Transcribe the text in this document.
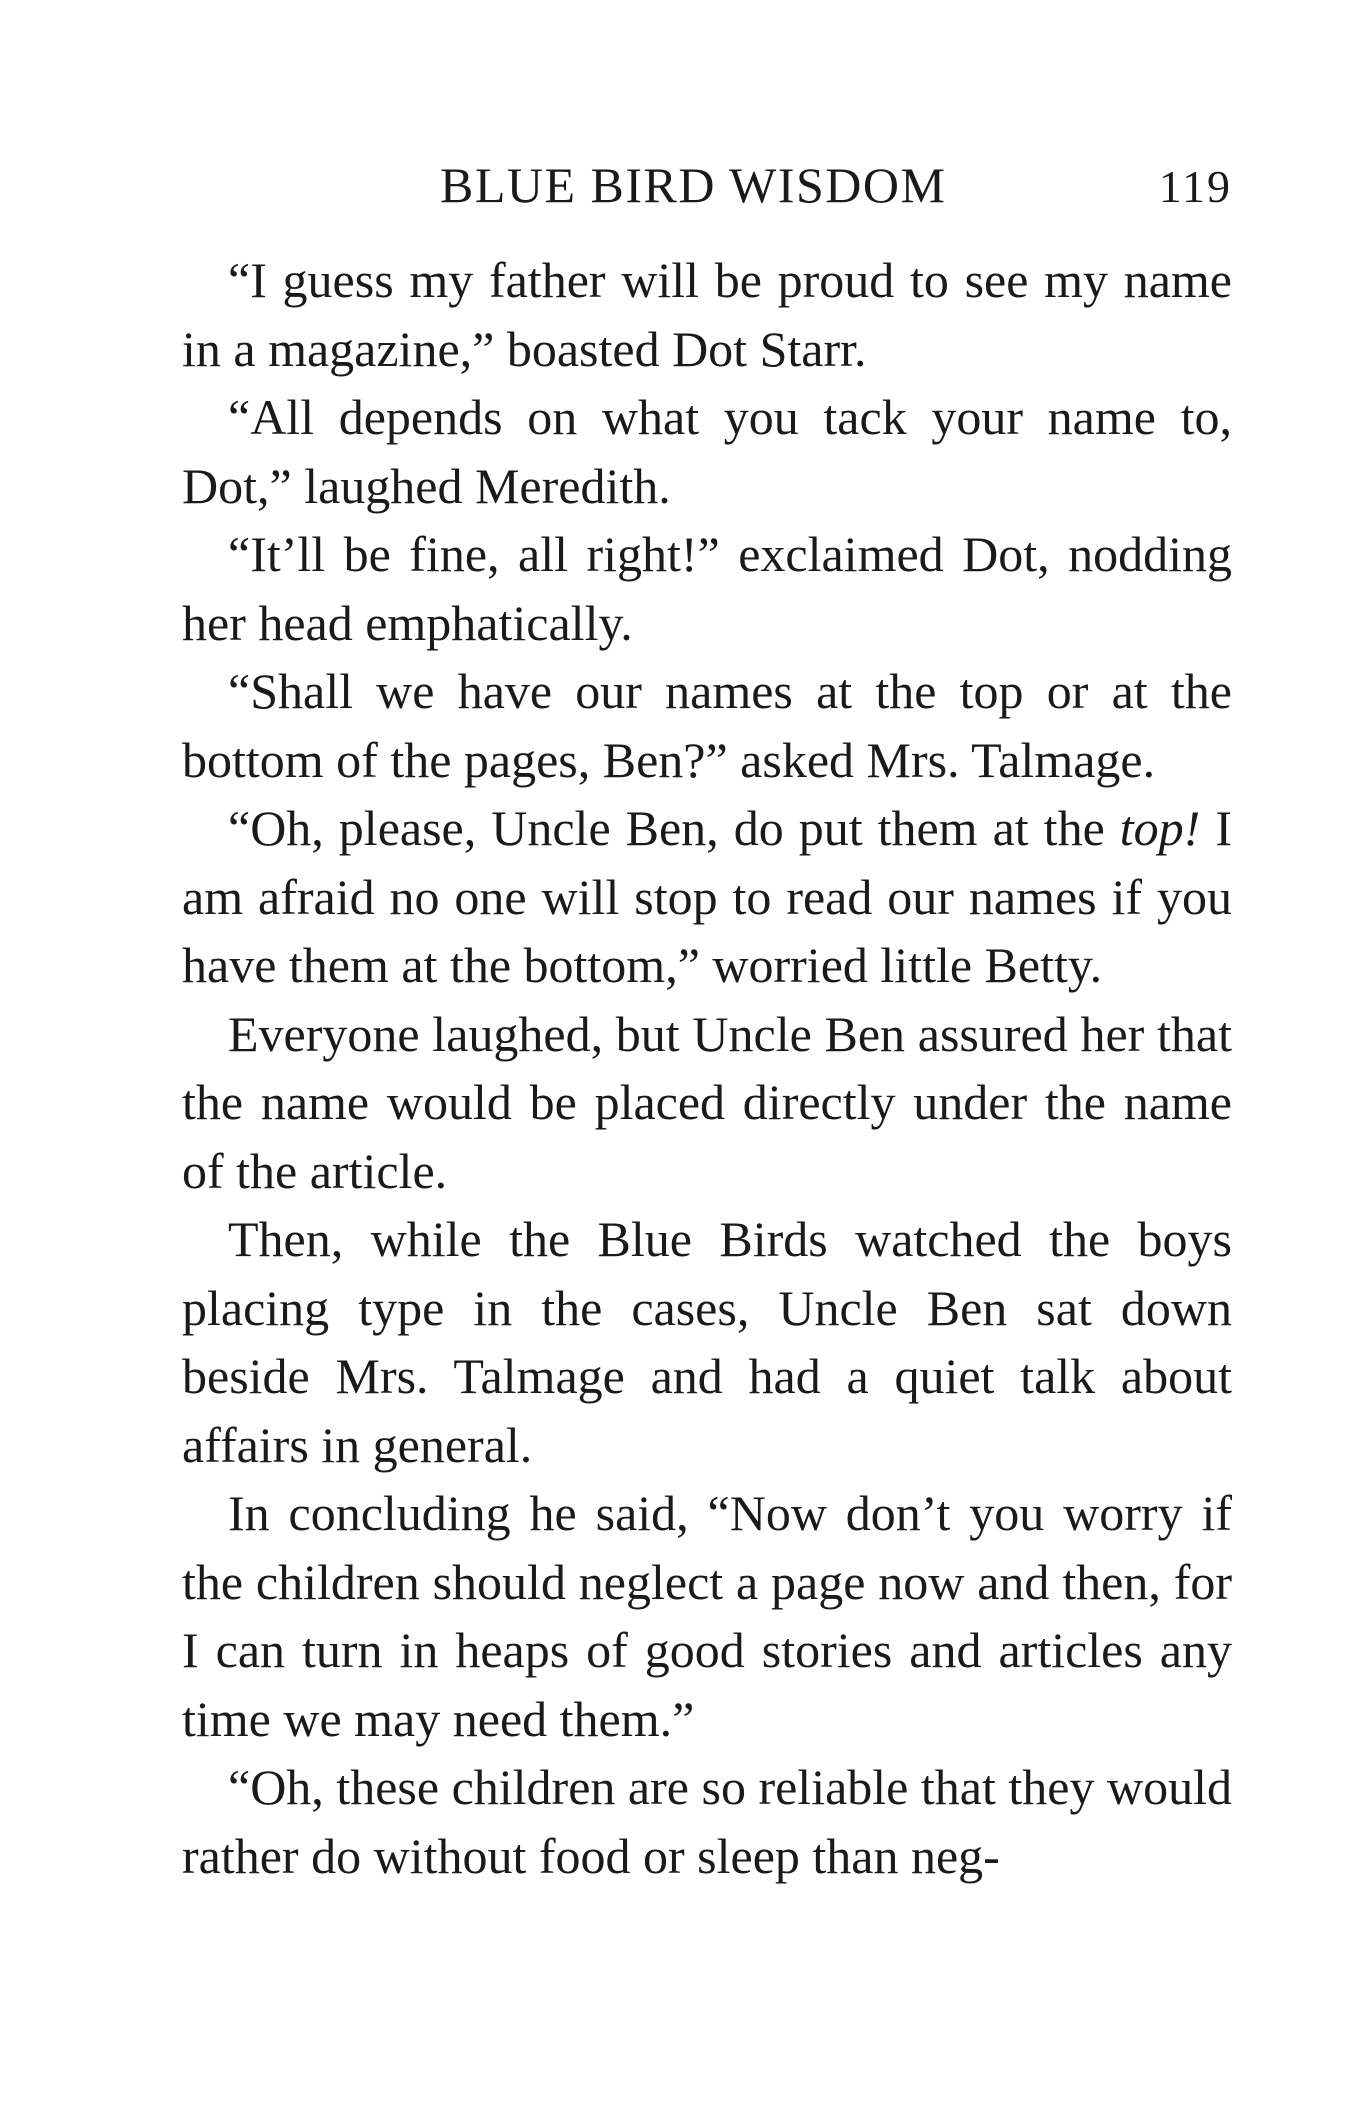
BLUE BIRD WISDOM	119

“I guess my father will be proud to see my name in a magazine,” boasted Dot Starr.

“All depends on what you tack your name to, Dot,” laughed Meredith.

“It’ll be fine, all right!” exclaimed Dot, nodding her head emphatically.

“Shall we have our names at the top or at the bottom of the pages, Ben?” asked Mrs. Talmage.

“Oh, please, Uncle Ben, do put them at the top! I am afraid no one will stop to read our names if you have them at the bottom,” worried little Betty.

Everyone laughed, but Uncle Ben assured her that the name would be placed directly under the name of the article.

Then, while the Blue Birds watched the boys placing type in the cases, Uncle Ben sat down beside Mrs. Talmage and had a quiet talk about affairs in general.

In concluding he said, “Now don’t you worry if the children should neglect a page now and then, for I can turn in heaps of good stories and articles any time we may need them.”

“Oh, these children are so reliable that they would rather do without food or sleep than neg-
